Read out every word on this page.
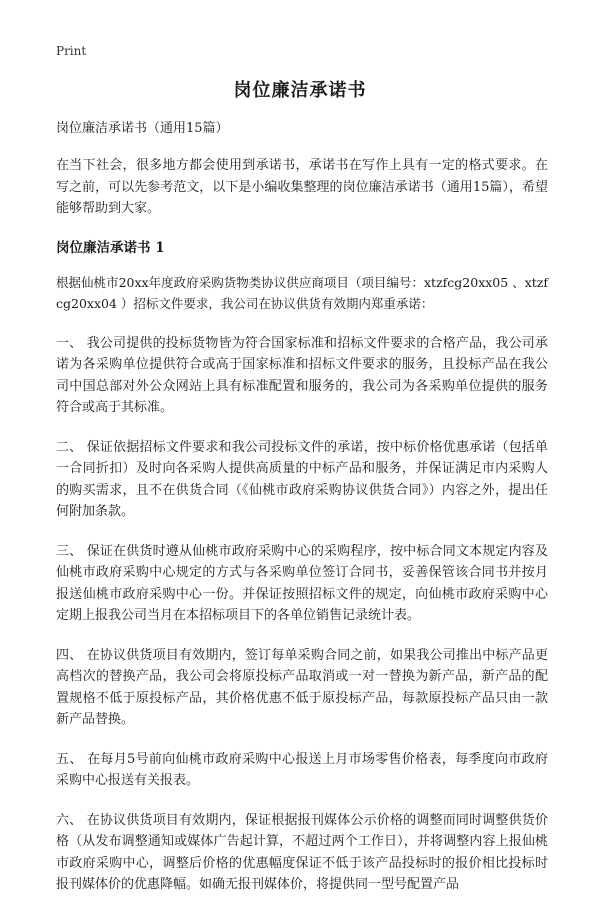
Print
岗位廉洁承诺书

岗位廉洁承诺书（通用15篇）

在当下社会，很多地方都会使用到承诺书，承诺书在写作上具有一定的格式要求。在写之前，可以先参考范文，以下是小编收集整理的岗位廉洁承诺书（通用15篇），希望能够帮助到大家。

岗位廉洁承诺书 1

根据仙桃市20xx年度政府采购货物类协议供应商项目（项目编号：xtzfcg20xx05 、xtzfcg20xx04 ）招标文件要求，我公司在协议供货有效期内郑重承诺：

一、 我公司提供的投标货物皆为符合国家标准和招标文件要求的合格产品，我公司承诺为各采购单位提供符合或高于国家标准和招标文件要求的服务，且投标产品在我公司中国总部对外公众网站上具有标准配置和服务的，我公司为各采购单位提供的服务符合或高于其标准。

二、 保证依据招标文件要求和我公司投标文件的承诺，按中标价格优惠承诺（包括单一合同折扣）及时向各采购人提供高质量的中标产品和服务，并保证满足市内采购人的购买需求，且不在供货合同（《仙桃市政府采购协议供货合同》）内容之外，提出任何附加条款。

三、 保证在供货时遵从仙桃市政府采购中心的采购程序，按中标合同文本规定内容及仙桃市政府采购中心规定的方式与各采购单位签订合同书，妥善保管该合同书并按月报送仙桃市政府采购中心一份。并保证按照招标文件的规定，向仙桃市政府采购中心定期上报我公司当月在本招标项目下的各单位销售记录统计表。

四、 在协议供货项目有效期内，签订每单采购合同之前，如果我公司推出中标产品更高档次的替换产品，我公司会将原投标产品取消或一对一替换为新产品，新产品的配置规格不低于原投标产品，其价格优惠不低于原投标产品，每款原投标产品只由一款新产品替换。

五、 在每月5号前向仙桃市政府采购中心报送上月市场零售价格表，每季度向市政府采购中心报送有关报表。

六、 在协议供货项目有效期内，保证根据报刊媒体公示价格的调整而同时调整供货价格（从发布调整通知或媒体广告起计算，不超过两个工作日），并将调整内容上报仙桃市政府采购中心，调整后价格的优惠幅度保证不低于该产品投标时的报价相比投标时报刊媒体价的优惠降幅。如确无报刊媒体价，将提供同一型号配置产品
